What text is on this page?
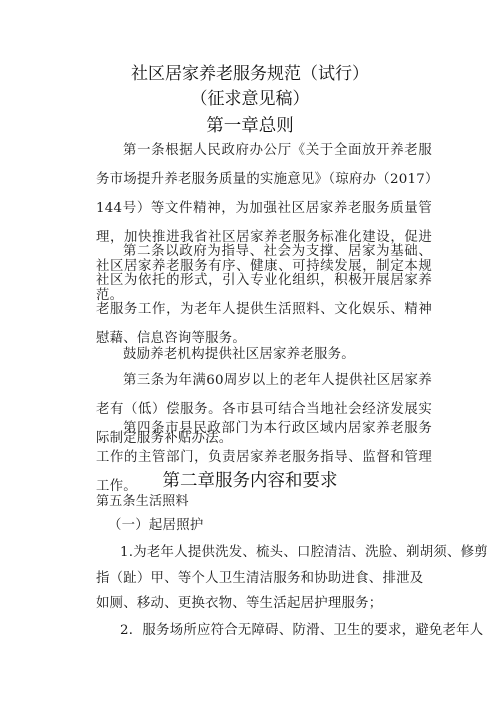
社区居家养老服务规范（试行）
（征求意见稿）
第一章总则

第一条根据人民政府办公厅《关于全面放开养老服务市场提升养老服务质量的实施意见》（琼府办（2017）144号）等文件精神，为加强社区居家养老服务质量管理，加快推进我省社区居家养老服务标准化建设，促进社区居家养老服务有序、健康、可持续发展，制定本规范。

第二条以政府为指导、社会为支撑、居家为基础、社区为依托的形式，引入专业化组织，积极开展居家养老服务工作，为老年人提供生活照料、文化娱乐、精神慰藉、信息咨询等服务。

鼓励养老机构提供社区居家养老服务。

第三条为年满60周岁以上的老年人提供社区居家养老有（低）偿服务。各市县可结合当地社会经济发展实际制定服务补贴办法。

第四条市县民政部门为本行政区域内居家养老服务工作的主管部门，负责居家养老服务指导、监督和管理工作。	第二章服务内容和要求
第五条生活照料
（一）起居照护
1.为老年人提供洗发、梳头、口腔清洁、洗脸、剃胡须、修剪
指（趾）甲、等个人卫生清洁服务和协助进食、排泄及
如厕、移动、更换衣物、等生活起居护理服务；
2．服务场所应符合无障碍、防滑、卫生的要求，避免老年人
